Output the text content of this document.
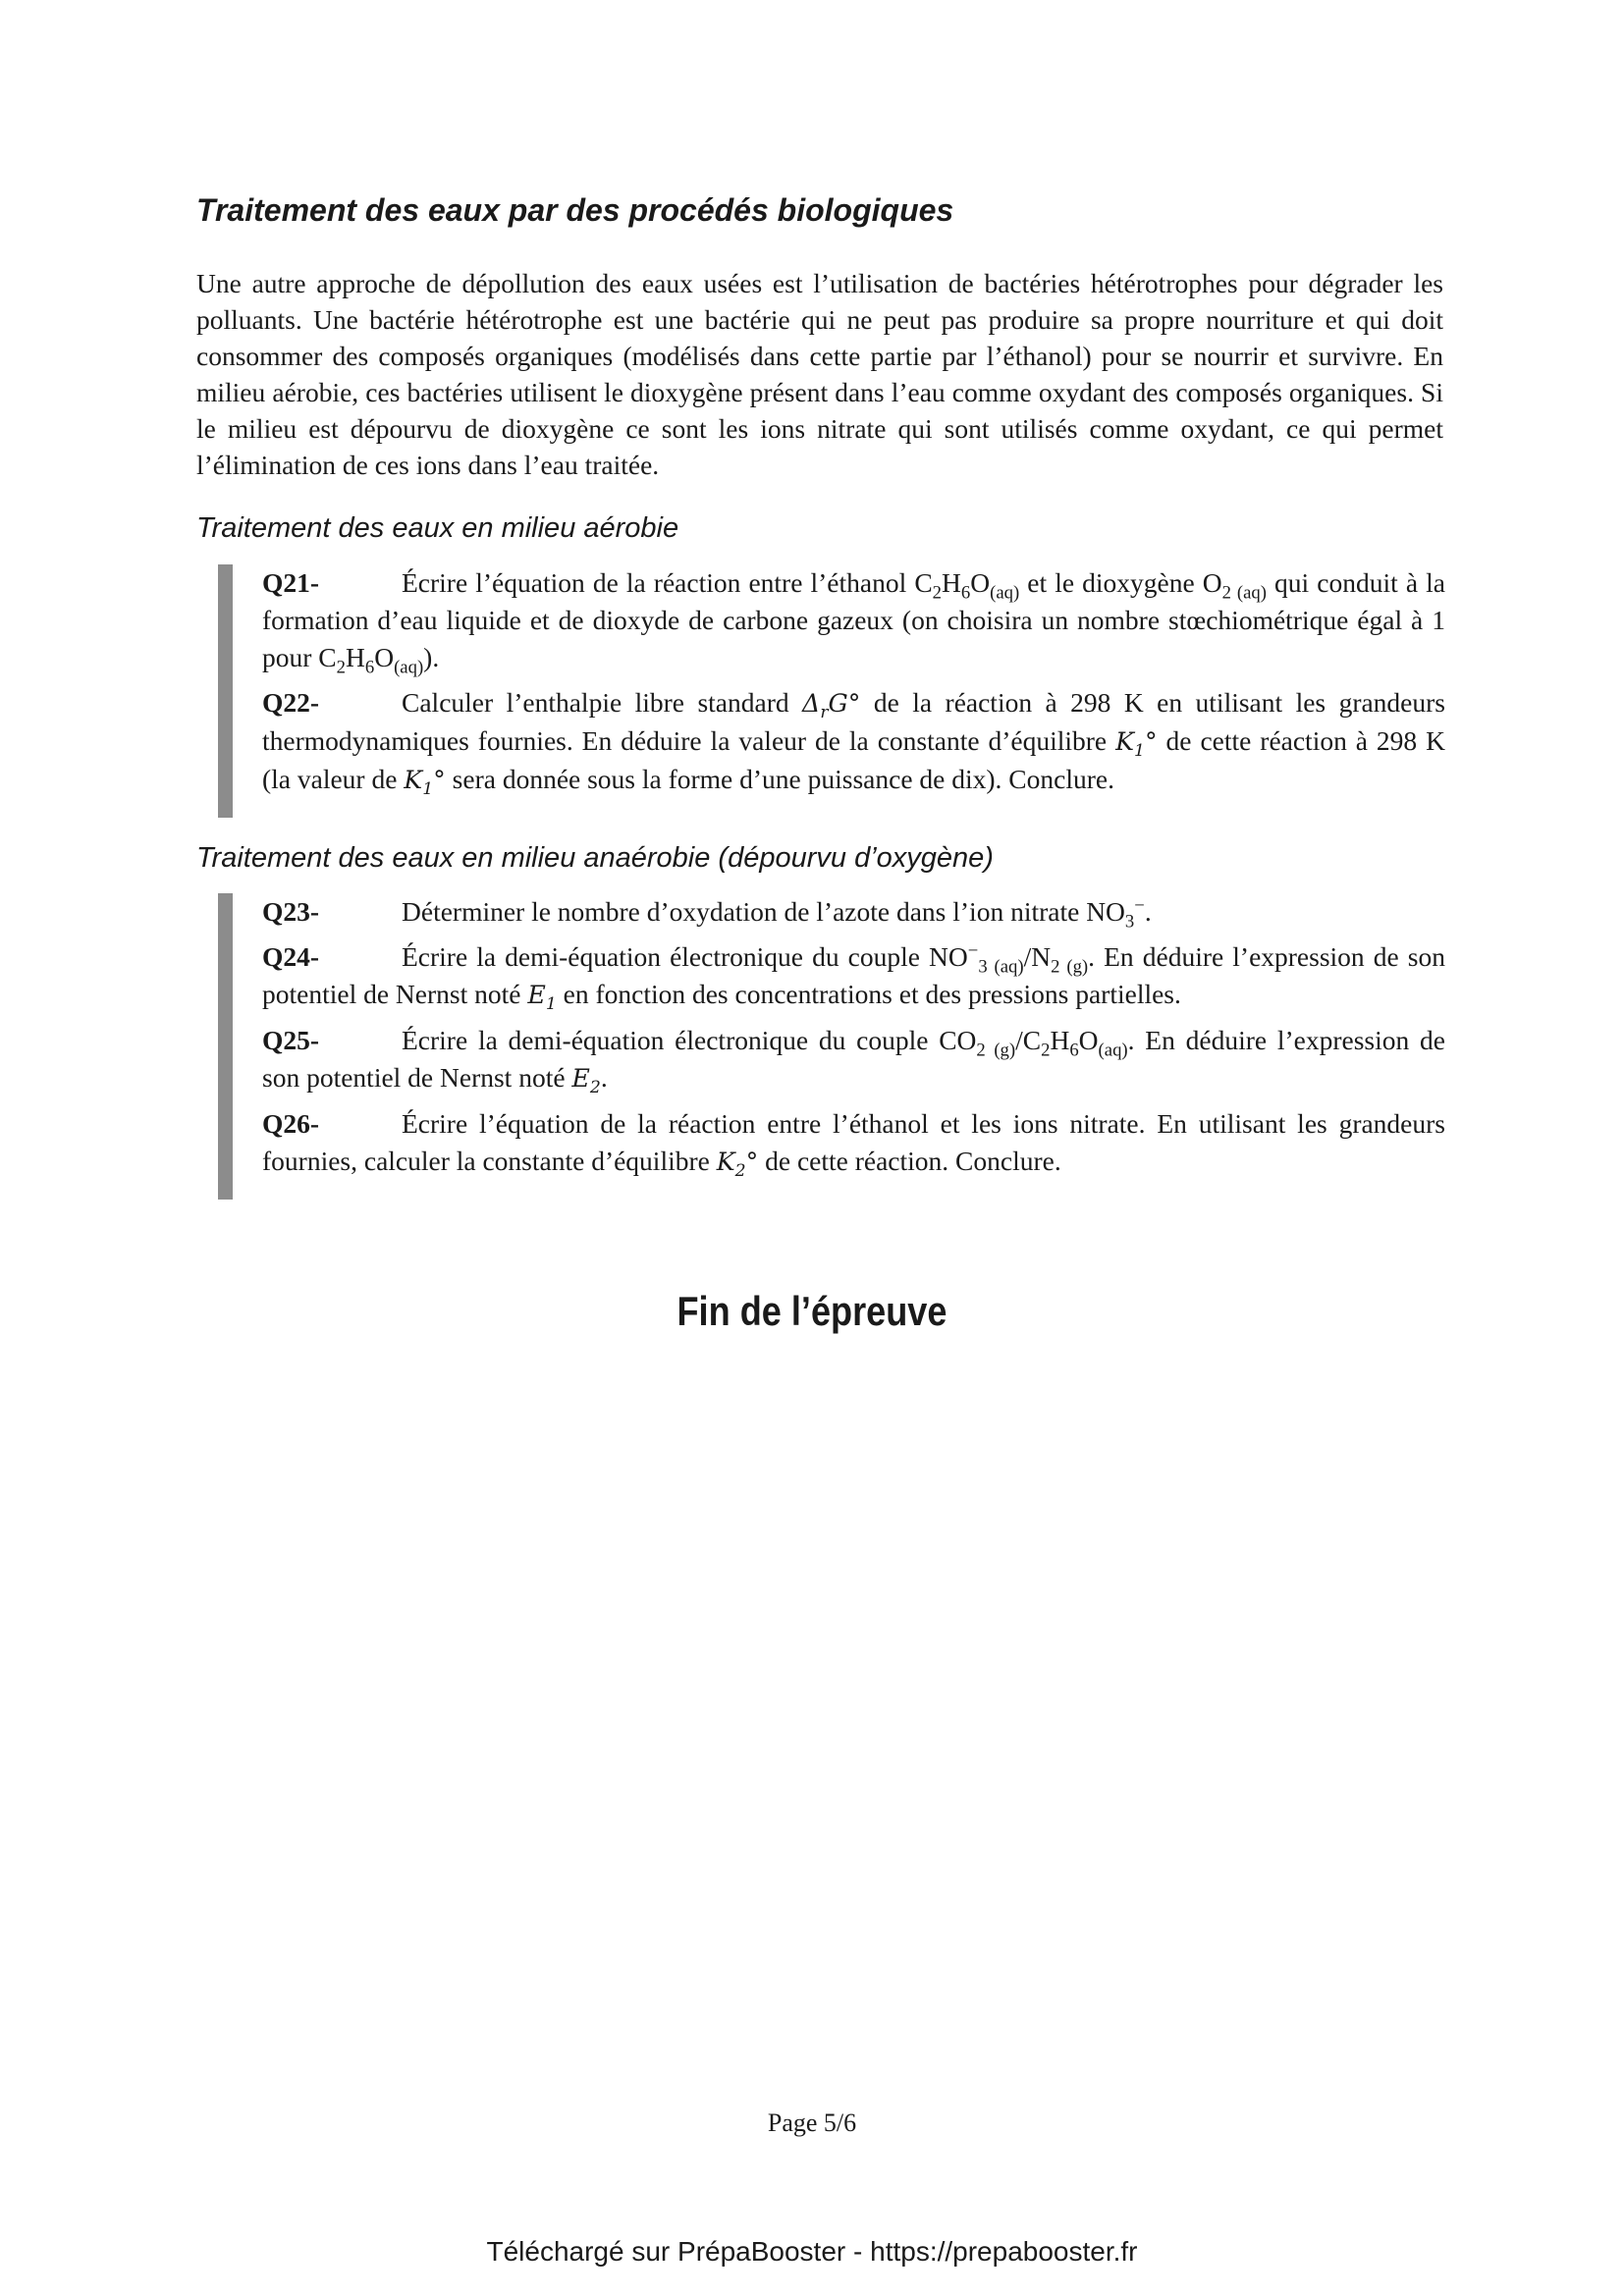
Traitement des eaux par des procédés biologiques

Une autre approche de dépollution des eaux usées est l’utilisation de bactéries hétérotrophes pour dégrader les polluants. Une bactérie hétérotrophe est une bactérie qui ne peut pas produire sa propre nourriture et qui doit consommer des composés organiques (modélisés dans cette partie par l’éthanol) pour se nourrir et survivre. En milieu aérobie, ces bactéries utilisent le dioxygène présent dans l’eau comme oxydant des composés organiques. Si le milieu est dépourvu de dioxygène ce sont les ions nitrate qui sont utilisés comme oxydant, ce qui permet l’élimination de ces ions dans l’eau traitée.

Traitement des eaux en milieu aérobie

Q21-	Écrire l’équation de la réaction entre l’éthanol $C_2H_6O_{(aq)}$ et le dioxygène $O_{2 (aq)}$ qui conduit à la formation d’eau liquide et de dioxyde de carbone gazeux (on choisira un nombre stœchiométrique égal à 1 pour $C_2H_6O_{(aq)}$).

Q22-	Calculer l’enthalpie libre standard $\Delta_rG^\circ$ de la réaction à 298 K en utilisant les grandeurs thermodynamiques fournies. En déduire la valeur de la constante d’équilibre $K_1^\circ$ de cette réaction à 298 K (la valeur de $K_1^\circ$ sera donnée sous la forme d’une puissance de dix). Conclure.

Traitement des eaux en milieu anaérobie (dépourvu d’oxygène)

Q23-	Déterminer le nombre d’oxydation de l’azote dans l’ion nitrate $NO_3^-$.

Q24-	Écrire la demi-équation électronique du couple $NO^-_{3 (aq)}/N_{2 (g)}$. En déduire l’expression de son potentiel de Nernst noté $E_1$ en fonction des concentrations et des pressions partielles.

Q25-	Écrire la demi-équation électronique du couple $CO_{2 (g)}/C_2H_6O_{(aq)}$. En déduire l’expression de son potentiel de Nernst noté $E_2$.

Q26-	Écrire l’équation de la réaction entre l’éthanol et les ions nitrate. En utilisant les grandeurs fournies, calculer la constante d’équilibre $K_2^\circ$ de cette réaction. Conclure.

Fin de l’épreuve

Page 5/6

Téléchargé sur PrépaBooster - https://prepabooster.fr
